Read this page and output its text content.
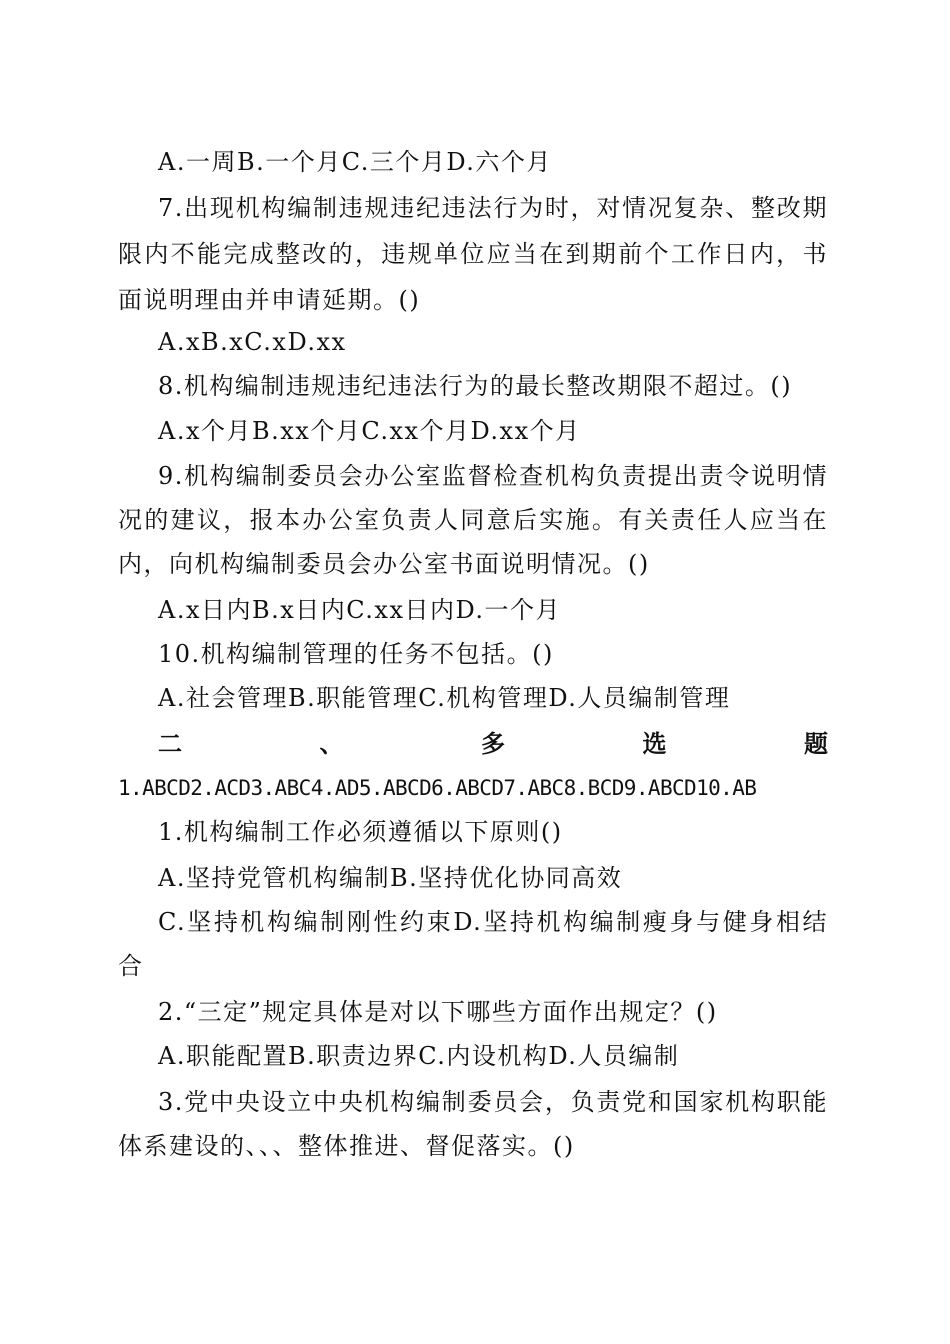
A.一周B.一个月C.三个月D.六个月
7.出现机构编制违规违纪违法行为时，对情况复杂、整改期
限内不能完成整改的，违规单位应当在到期前个工作日内，书
面说明理由并申请延期。()
A.xB.xC.xD.xx
8.机构编制违规违纪违法行为的最长整改期限不超过。()
A.x个月B.xx个月C.xx个月D.xx个月
9.机构编制委员会办公室监督检查机构负责提出责令说明情
况的建议，报本办公室负责人同意后实施。有关责任人应当在
内，向机构编制委员会办公室书面说明情况。()
A.x日内B.x日内C.xx日内D.一个月
10.机构编制管理的任务不包括。()
A.社会管理B.职能管理C.机构管理D.人员编制管理
二	、	多	选	题
1.ABCD2.ACD3.ABC4.AD5.ABCD6.ABCD7.ABC8.BCD9.ABCD10.AB
1.机构编制工作必须遵循以下原则()
A.坚持党管机构编制B.坚持优化协同高效
C.坚持机构编制刚性约束D.坚持机构编制瘦身与健身相结
合
2.“三定”规定具体是对以下哪些方面作出规定？()
A.职能配置B.职责边界C.内设机构D.人员编制
3.党中央设立中央机构编制委员会，负责党和国家机构职能
体系建设的、、、整体推进、督促落实。()
